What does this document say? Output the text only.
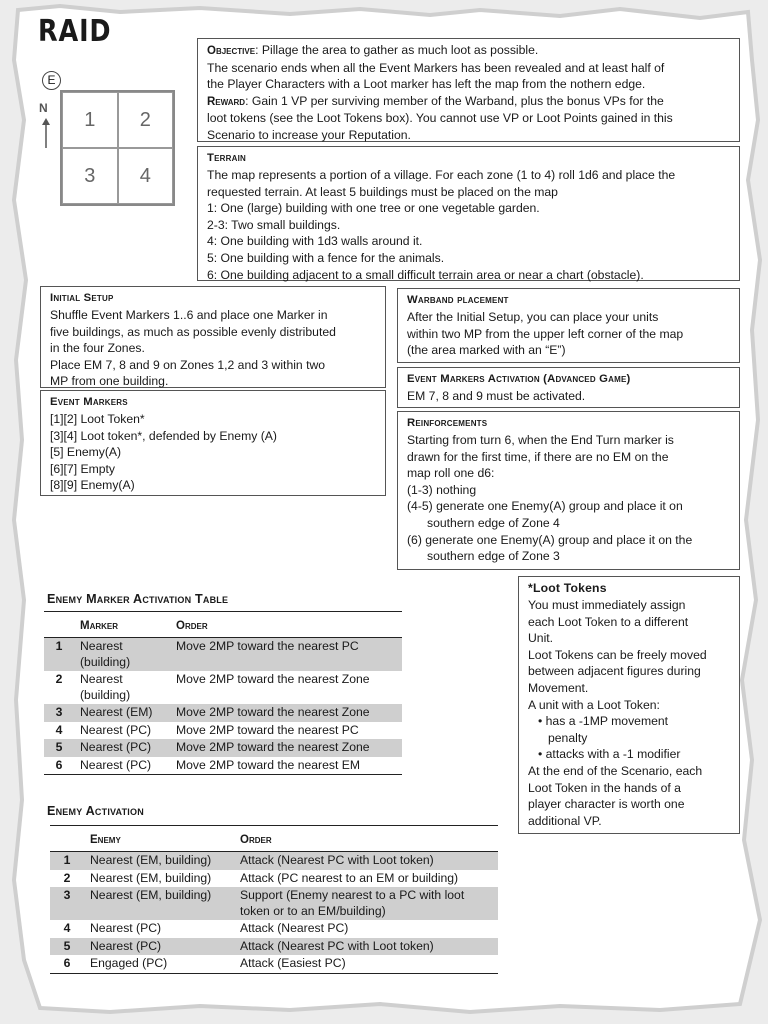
RAID
E
N
1	2
3	4
Objective: Pillage the area to gather as much loot as possible.
The scenario ends when all the Event Markers has been revealed and at least half of
the Player Characters with a Loot marker has left the map from the nothern edge.
Reward: Gain 1 VP per surviving member of the Warband, plus the bonus VPs for the
loot tokens (see the Loot Tokens box). You cannot use VP or Loot Points gained in this
Scenario to increase your Reputation.
Terrain
The map represents a portion of a village. For each zone (1 to 4) roll 1d6 and place the
requested terrain. At least 5 buildings must be placed on the map
1: One (large) building with one tree or one vegetable garden.
2-3: Two small buildings.
4: One building with 1d3 walls around it.
5: One building with a fence for the animals.
6: One building adjacent to a small difficult terrain area or near a chart (obstacle).
Initial Setup
Shuffle Event Markers 1..6 and place one Marker in
five buildings, as much as possible evenly distributed
in the four Zones.
Place EM 7, 8 and 9 on Zones 1,2 and 3 within two
MP from one building.
Event Markers
[1][2] Loot Token*
[3][4] Loot token*, defended by Enemy (A)
[5] Enemy(A)
[6][7] Empty
[8][9] Enemy(A)
Warband placement
After the Initial Setup, you can place your units
within two MP from the upper left corner of the map
(the area marked with an “E”)
Event Markers Activation (Advanced Game)
EM 7, 8 and 9 must be activated.
Reinforcements
Starting from turn 6, when the End Turn marker is
drawn for the first time, if there are no EM on the
map roll one d6:
(1-3) nothing
(4-5) generate one Enemy(A) group and place it on
southern edge of Zone 4
(6) generate one Enemy(A) group and place it on the
southern edge of Zone 3
*Loot Tokens
You must immediately assign
each Loot Token to a different
Unit.
Loot Tokens can be freely moved
between adjacent figures during
Movement.
A unit with a Loot Token:
• has a -1MP movement
penalty
• attacks with a -1 modifier
At the end of the Scenario, each
Loot Token in the hands of a
player character is worth one
additional VP.
Enemy Marker Activation Table
	Marker	Order
1	Nearest (building)	Move 2MP toward the nearest PC
2	Nearest (building)	Move 2MP toward the nearest Zone
3	Nearest (EM)	Move 2MP toward the nearest Zone
4	Nearest (PC)	Move 2MP toward the nearest PC
5	Nearest (PC)	Move 2MP toward the nearest Zone
6	Nearest (PC)	Move 2MP toward the nearest EM
Enemy Activation
	Enemy	Order
1	Nearest (EM, building)	Attack (Nearest PC with Loot token)
2	Nearest (EM, building)	Attack (PC nearest to an EM or building)
3	Nearest (EM, building)	Support (Enemy nearest to a PC with loot token or to an EM/building)
4	Nearest (PC)	Attack (Nearest PC)
5	Nearest (PC)	Attack (Nearest PC with Loot token)
6	Engaged (PC)	Attack (Easiest PC)
